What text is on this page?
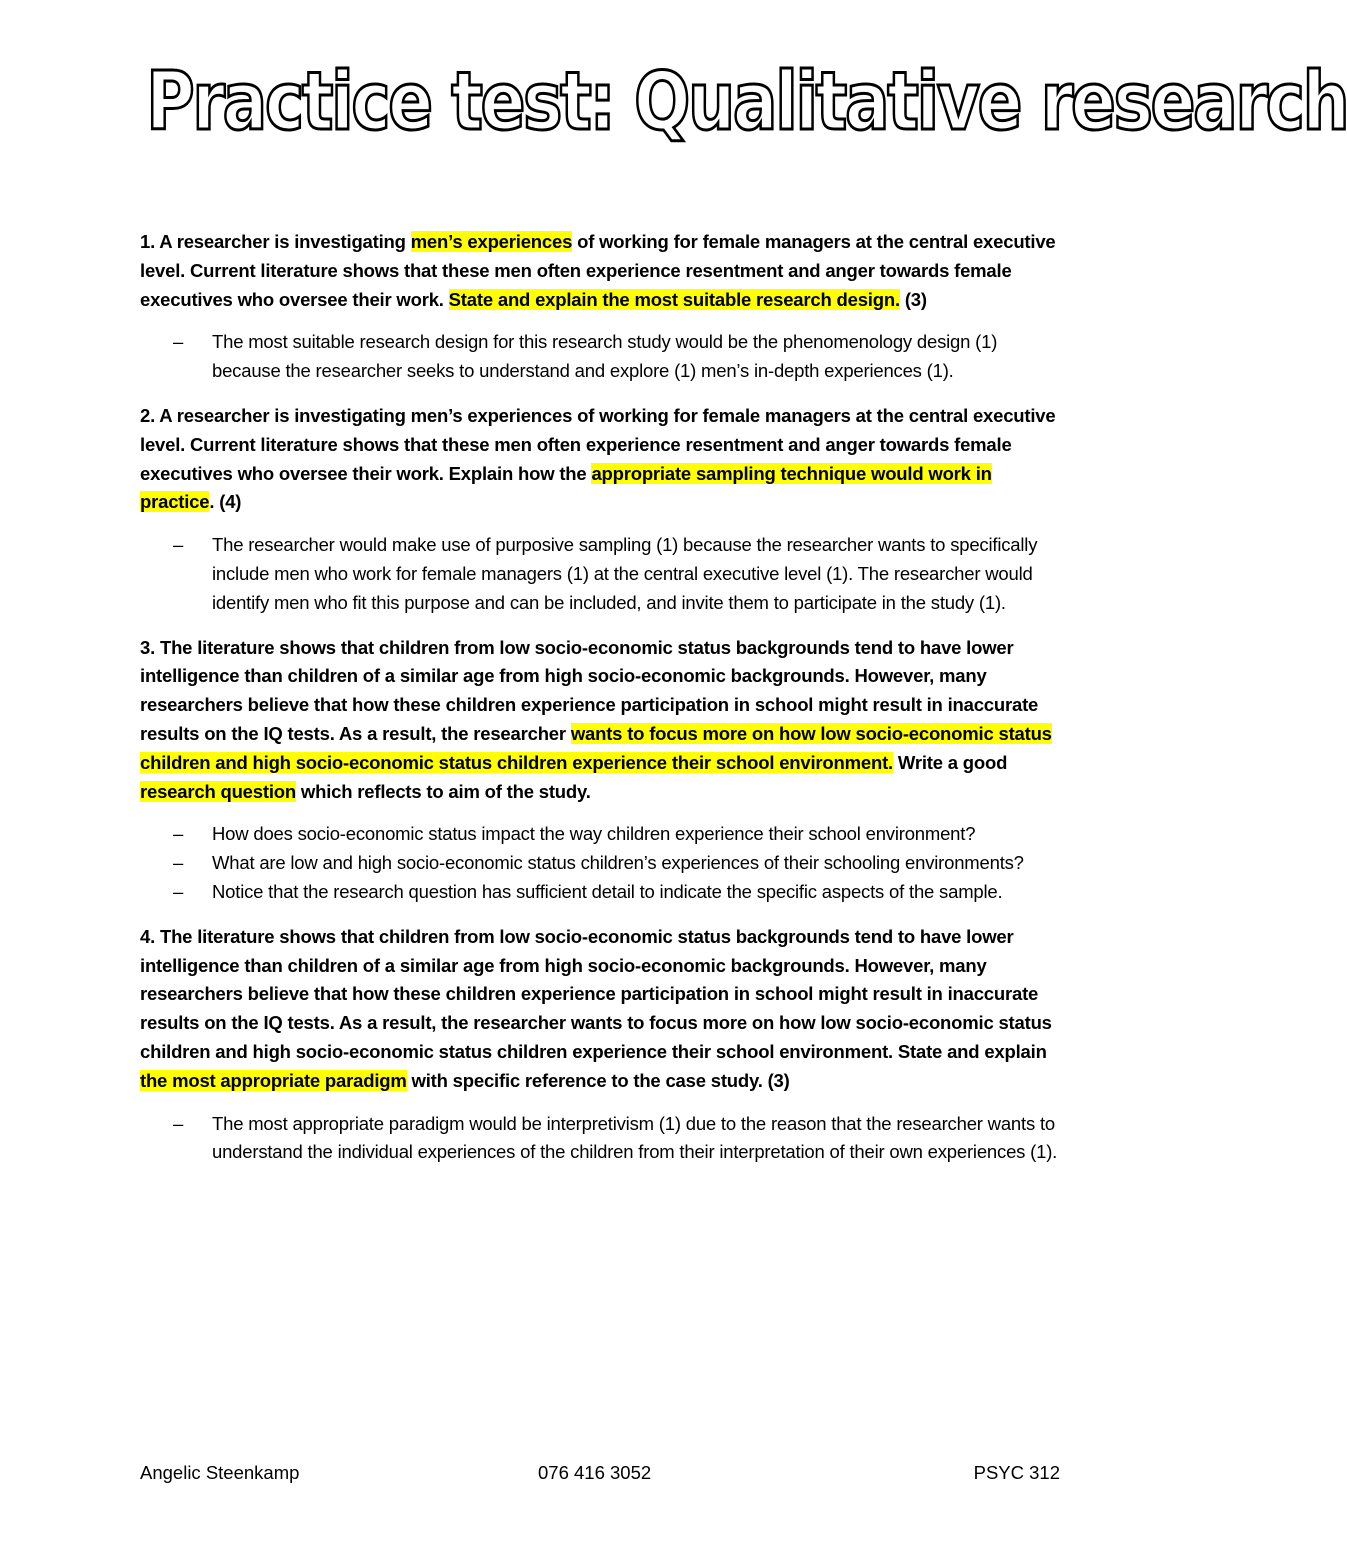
Practice test: Qualitative research

1. A researcher is investigating men’s experiences of working for female managers at the central executive level. Current literature shows that these men often experience resentment and anger towards female executives who oversee their work. State and explain the most suitable research design. (3)

– The most suitable research design for this research study would be the phenomenology design (1) because the researcher seeks to understand and explore (1) men’s in-depth experiences (1).

2. A researcher is investigating men’s experiences of working for female managers at the central executive level. Current literature shows that these men often experience resentment and anger towards female executives who oversee their work. Explain how the appropriate sampling technique would work in practice. (4)

– The researcher would make use of purposive sampling (1) because the researcher wants to specifically include men who work for female managers (1) at the central executive level (1). The researcher would identify men who fit this purpose and can be included, and invite them to participate in the study (1).

3. The literature shows that children from low socio-economic status backgrounds tend to have lower intelligence than children of a similar age from high socio-economic backgrounds. However, many researchers believe that how these children experience participation in school might result in inaccurate results on the IQ tests. As a result, the researcher wants to focus more on how low socio-economic status children and high socio-economic status children experience their school environment. Write a good research question which reflects to aim of the study.

– How does socio-economic status impact the way children experience their school environment?
– What are low and high socio-economic status children’s experiences of their schooling environments?
– Notice that the research question has sufficient detail to indicate the specific aspects of the sample.

4. The literature shows that children from low socio-economic status backgrounds tend to have lower intelligence than children of a similar age from high socio-economic backgrounds. However, many researchers believe that how these children experience participation in school might result in inaccurate results on the IQ tests. As a result, the researcher wants to focus more on how low socio-economic status children and high socio-economic status children experience their school environment. State and explain the most appropriate paradigm with specific reference to the case study. (3)

– The most appropriate paradigm would be interpretivism (1) due to the reason that the researcher wants to understand the individual experiences of the children from their interpretation of their own experiences (1).
Angelic Steenkamp	076 416 3052	PSYC 312
